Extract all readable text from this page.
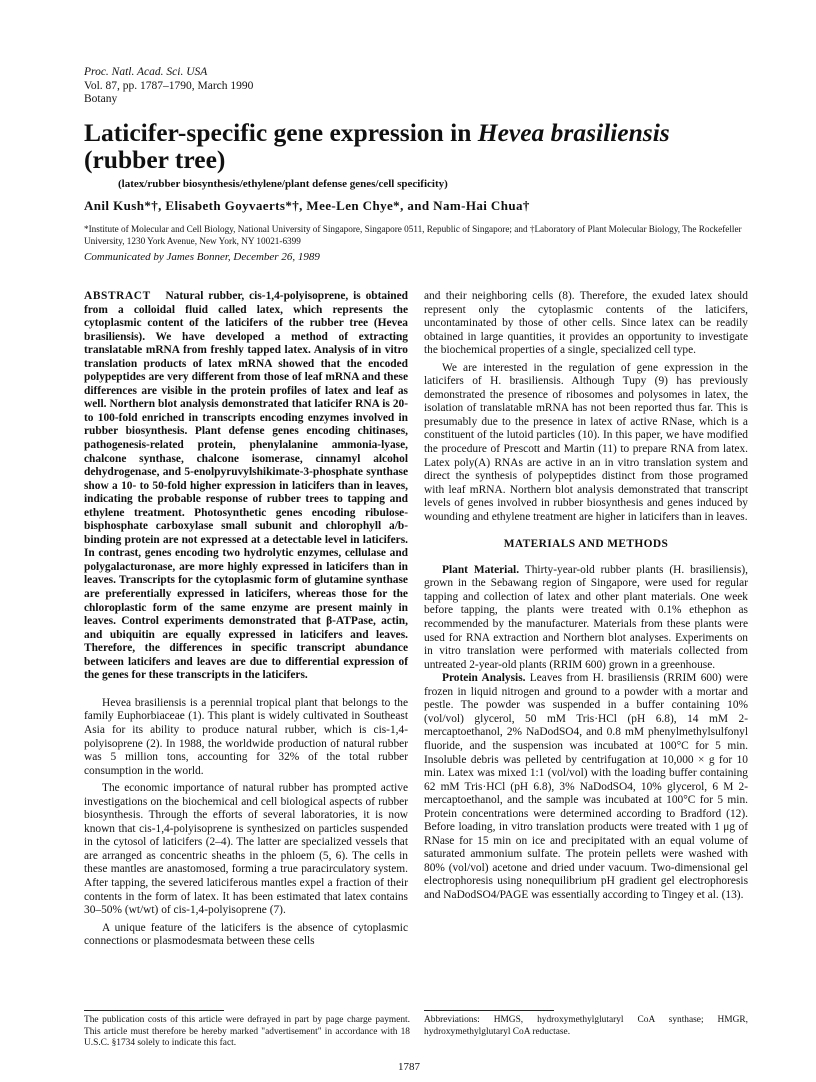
Proc. Natl. Acad. Sci. USA
Vol. 87, pp. 1787–1790, March 1990
Botany
Laticifer-specific gene expression in Hevea brasiliensis
(rubber tree)
(latex/rubber biosynthesis/ethylene/plant defense genes/cell specificity)
Anil Kush*†, Elisabeth Goyvaerts*†, Mee-Len Chye*, and Nam-Hai Chua†
*Institute of Molecular and Cell Biology, National University of Singapore, Singapore 0511, Republic of Singapore; and †Laboratory of Plant Molecular Biology, The Rockefeller University, 1230 York Avenue, New York, NY 10021-6399
Communicated by James Bonner, December 26, 1989

ABSTRACT Natural rubber, cis-1,4-polyisoprene, is obtained from a colloidal fluid called latex, which represents the cytoplasmic content of the laticifers of the rubber tree (Hevea brasiliensis). We have developed a method of extracting translatable mRNA from freshly tapped latex. Analysis of in vitro translation products of latex mRNA showed that the encoded polypeptides are very different from those of leaf mRNA and these differences are visible in the protein profiles of latex and leaf as well. Northern blot analysis demonstrated that laticifer RNA is 20- to 100-fold enriched in transcripts encoding enzymes involved in rubber biosynthesis. Plant defense genes encoding chitinases, pathogenesis-related protein, phenylalanine ammonia-lyase, chalcone synthase, chalcone isomerase, cinnamyl alcohol dehydrogenase, and 5-enolpyruvylshikimate-3-phosphate synthase show a 10- to 50-fold higher expression in laticifers than in leaves, indicating the probable response of rubber trees to tapping and ethylene treatment. Photosynthetic genes encoding ribulose-bisphosphate carboxylase small subunit and chlorophyll a/b-binding protein are not expressed at a detectable level in laticifers. In contrast, genes encoding two hydrolytic enzymes, cellulase and polygalacturonase, are more highly expressed in laticifers than in leaves. Transcripts for the cytoplasmic form of glutamine synthase are preferentially expressed in laticifers, whereas those for the chloroplastic form of the same enzyme are present mainly in leaves. Control experiments demonstrated that β-ATPase, actin, and ubiquitin are equally expressed in laticifers and leaves. Therefore, the differences in specific transcript abundance between laticifers and leaves are due to differential expression of the genes for these transcripts in the laticifers.

Hevea brasiliensis is a perennial tropical plant that belongs to the family Euphorbiaceae (1). This plant is widely cultivated in Southeast Asia for its ability to produce natural rubber, which is cis-1,4-polyisoprene (2). In 1988, the worldwide production of natural rubber was 5 million tons, accounting for 32% of the total rubber consumption in the world.

The economic importance of natural rubber has prompted active investigations on the biochemical and cell biological aspects of rubber biosynthesis. Through the efforts of several laboratories, it is now known that cis-1,4-polyisoprene is synthesized on particles suspended in the cytosol of laticifers (2–4). The latter are specialized vessels that are arranged as concentric sheaths in the phloem (5, 6). The cells in these mantles are anastomosed, forming a true paracirculatory system. After tapping, the severed laticiferous mantles expel a fraction of their contents in the form of latex. It has been estimated that latex contains 30–50% (wt/wt) of cis-1,4-polyisoprene (7).

A unique feature of the laticifers is the absence of cytoplasmic connections or plasmodesmata between these cells

and their neighboring cells (8). Therefore, the exuded latex should represent only the cytoplasmic contents of the laticifers, uncontaminated by those of other cells. Since latex can be readily obtained in large quantities, it provides an opportunity to investigate the biochemical properties of a single, specialized cell type.

We are interested in the regulation of gene expression in the laticifers of H. brasiliensis. Although Tupy (9) has previously demonstrated the presence of ribosomes and polysomes in latex, the isolation of translatable mRNA has not been reported thus far. This is presumably due to the presence in latex of active RNase, which is a constituent of the lutoid particles (10). In this paper, we have modified the procedure of Prescott and Martin (11) to prepare RNA from latex. Latex poly(A) RNAs are active in an in vitro translation system and direct the synthesis of polypeptides distinct from those programed with leaf mRNA. Northern blot analysis demonstrated that transcript levels of genes involved in rubber biosynthesis and genes induced by wounding and ethylene treatment are higher in laticifers than in leaves.

MATERIALS AND METHODS

Plant Material. Thirty-year-old rubber plants (H. brasiliensis), grown in the Sebawang region of Singapore, were used for regular tapping and collection of latex and other plant materials. One week before tapping, the plants were treated with 0.1% ethephon as recommended by the manufacturer. Materials from these plants were used for RNA extraction and Northern blot analyses. Experiments on in vitro translation were performed with materials collected from untreated 2-year-old plants (RRIM 600) grown in a greenhouse.

Protein Analysis. Leaves from H. brasiliensis (RRIM 600) were frozen in liquid nitrogen and ground to a powder with a mortar and pestle. The powder was suspended in a buffer containing 10% (vol/vol) glycerol, 50 mM Tris·HCl (pH 6.8), 14 mM 2-mercaptoethanol, 2% NaDodSO4, and 0.8 mM phenylmethylsulfonyl fluoride, and the suspension was incubated at 100°C for 5 min. Insoluble debris was pelleted by centrifugation at 10,000 × g for 10 min. Latex was mixed 1:1 (vol/vol) with the loading buffer containing 62 mM Tris·HCl (pH 6.8), 3% NaDodSO4, 10% glycerol, 6 M 2-mercaptoethanol, and the sample was incubated at 100°C for 5 min. Protein concentrations were determined according to Bradford (12). Before loading, in vitro translation products were treated with 1 μg of RNase for 15 min on ice and precipitated with an equal volume of saturated ammonium sulfate. The protein pellets were washed with 80% (vol/vol) acetone and dried under vacuum. Two-dimensional gel electrophoresis using nonequilibrium pH gradient gel electrophoresis and NaDodSO4/PAGE was essentially according to Tingey et al. (13).

The publication costs of this article were defrayed in part by page charge payment. This article must therefore be hereby marked "advertisement" in accordance with 18 U.S.C. §1734 solely to indicate this fact.
Abbreviations: HMGS, hydroxymethylglutaryl CoA synthase; HMGR, hydroxymethylglutaryl CoA reductase.
1787
